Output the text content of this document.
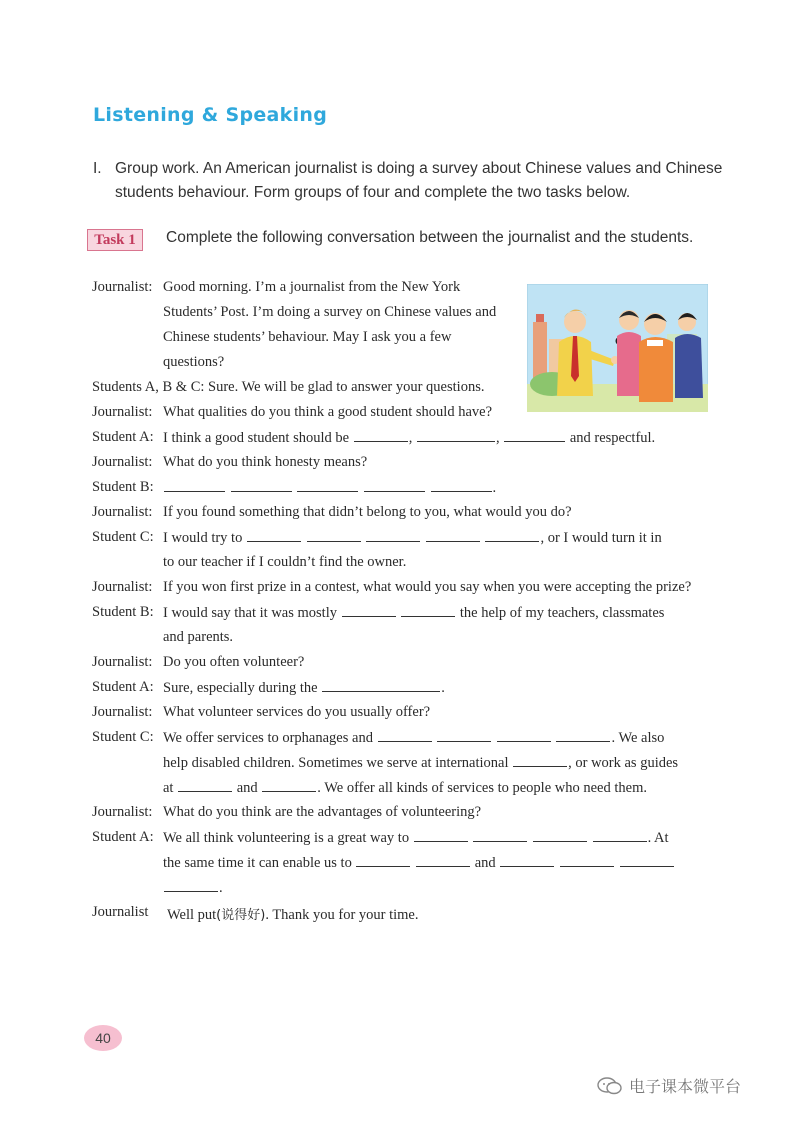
Listening & Speaking
I. Group work. An American journalist is doing a survey about Chinese values and Chinese students behaviour. Form groups of four and complete the two tasks below.
Task 1	Complete the following conversation between the journalist and the students.
Journalist: Good morning. I’m a journalist from the New York
Students’ Post. I’m doing a survey on Chinese values and
Chinese students’ behaviour. May I ask you a few
questions?
Students A, B & C: Sure. We will be glad to answer your questions.
Journalist: What qualities do you think a good student should have?
Student A: I think a good student should be	,	,	and respectful.
Journalist: What do you think honesty means?
Student B:	.
Journalist: If you found something that didn’t belong to you, what would you do?
Student C: I would try to	, or I would turn it in
to our teacher if I couldn’t find the owner.
Journalist: If you won first prize in a contest, what would you say when you were accepting the prize?
Student B: I would say that it was mostly	the help of my teachers, classmates
and parents.
Journalist: Do you often volunteer?
Student A: Sure, especially during the	.
Journalist: What volunteer services do you usually offer?
Student C: We offer services to orphanages and	. We also
help disabled children. Sometimes we serve at international	, or work as guides
at	and	. We offer all kinds of services to people who need them.
Journalist: What do you think are the advantages of volunteering?
Student A: We all think volunteering is a great way to	. At
the same time it can enable us to	and
.
Journalist Well put(说得好). Thank you for your time.
40
电子课本微平台
